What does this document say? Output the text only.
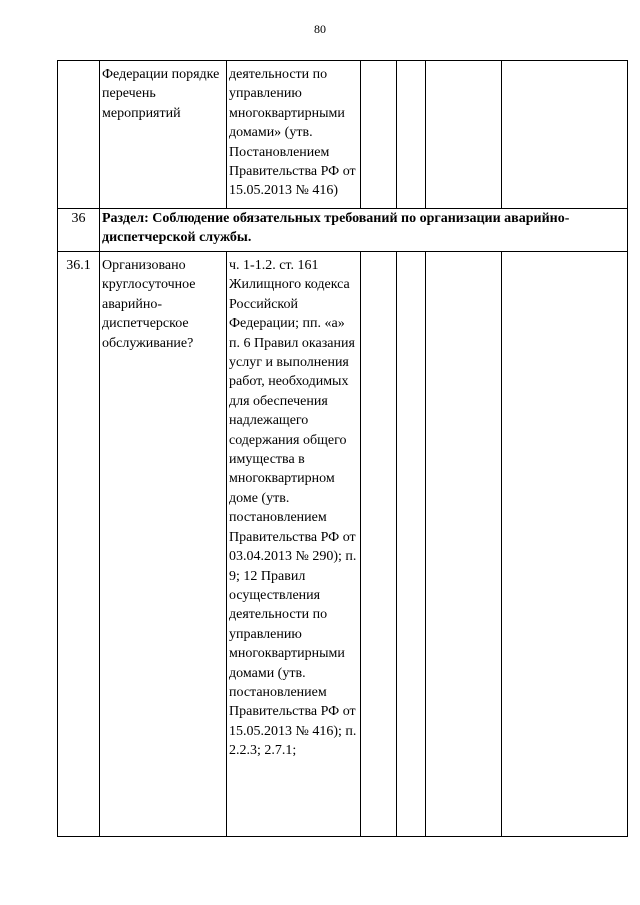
80
	Федерации порядке перечень мероприятий	деятельности по управлению многоквартирными домами» (утв. Постановлением Правительства РФ от 15.05.2013 № 416)				
36	Раздел: Соблюдение обязательных требований по организации аварийно-диспетчерской службы.					
36.1	Организовано круглосуточное аварийно-диспетчерское обслуживание?	ч. 1-1.2. ст. 161 Жилищного кодекса Российской Федерации; пп. «а» п. 6 Правил оказания услуг и выполнения работ, необходимых для обеспечения надлежащего содержания общего имущества в многоквартирном доме (утв. постановлением Правительства РФ от 03.04.2013 № 290); п. 9; 12 Правил осуществления деятельности по управлению многоквартирными домами (утв. постановлением Правительства РФ от 15.05.2013 № 416); п. 2.2.3; 2.7.1;				
